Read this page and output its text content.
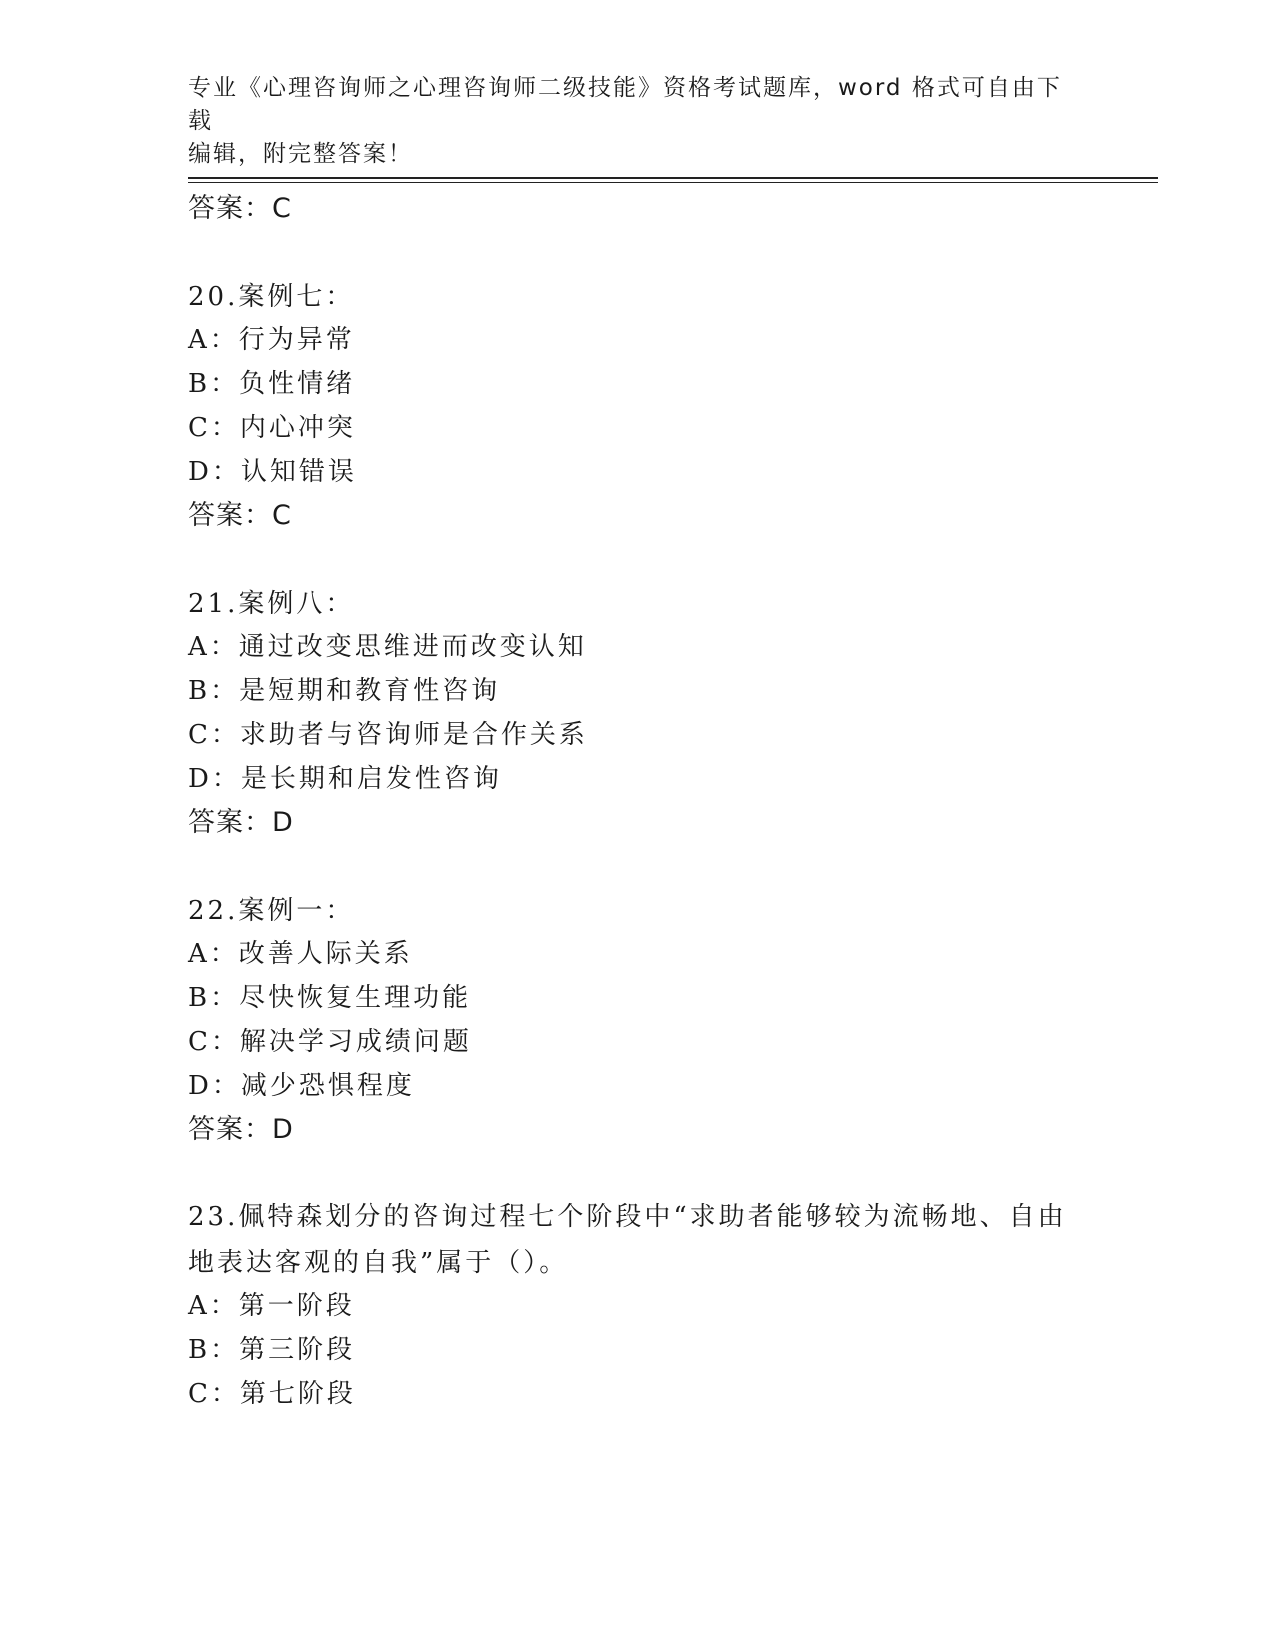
专业《心理咨询师之心理咨询师二级技能》资格考试题库，word 格式可自由下载
编辑，附完整答案！
答案：C
20.案例七：
A：行为异常
B：负性情绪
C：内心冲突
D：认知错误
答案：C
21.案例八：
A：通过改变思维进而改变认知
B：是短期和教育性咨询
C：求助者与咨询师是合作关系
D：是长期和启发性咨询
答案：D
22.案例一：
A：改善人际关系
B：尽快恢复生理功能
C：解决学习成绩问题
D：减少恐惧程度
答案：D
23.佩特森划分的咨询过程七个阶段中“求助者能够较为流畅地、自由地表达客观的自我”属于（）。
A：第一阶段
B：第三阶段
C：第七阶段
